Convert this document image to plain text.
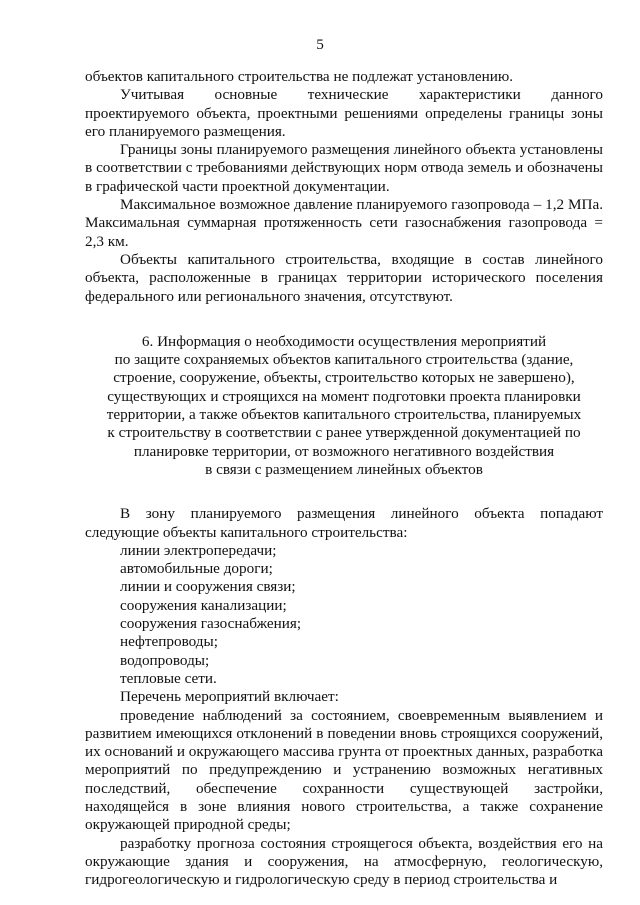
5

объектов капитального строительства не подлежат установлению.

Учитывая основные технические характеристики данного проектируемого объекта, проектными решениями определены границы зоны его планируемого размещения.

Границы зоны планируемого размещения линейного объекта установлены в соответствии с требованиями действующих норм отвода земель и обозначены в графической части проектной документации.

Максимальное возможное давление планируемого газопровода – 1,2 МПа. Максимальная суммарная протяженность сети газоснабжения газопровода = 2,3 км.

Объекты капитального строительства, входящие в состав линейного объекта, расположенные в границах территории исторического поселения федерального или регионального значения, отсутствуют.

6. Информация о необходимости осуществления мероприятий
по защите сохраняемых объектов капитального строительства (здание,
строение, сооружение, объекты, строительство которых не завершено),
существующих и строящихся на момент подготовки проекта планировки
территории, а также объектов капитального строительства, планируемых
к строительству в соответствии с ранее утвержденной документацией по
планировке территории, от возможного негативного воздействия
в связи с размещением линейных объектов

В зону планируемого размещения линейного объекта попадают следующие объекты капитального строительства:

линии электропередачи;

автомобильные дороги;

линии и сооружения связи;

сооружения канализации;

сооружения газоснабжения;

нефтепроводы;

водопроводы;

тепловые сети.

Перечень мероприятий включает:

проведение наблюдений за состоянием, своевременным выявлением и развитием имеющихся отклонений в поведении вновь строящихся сооружений, их оснований и окружающего массива грунта от проектных данных, разработка мероприятий по предупреждению и устранению возможных негативных последствий, обеспечение сохранности существующей застройки, находящейся в зоне влияния нового строительства, а также сохранение окружающей природной среды;

разработку прогноза состояния строящегося объекта, воздействия его на окружающие здания и сооружения, на атмосферную, геологическую, гидрогеологическую и гидрологическую среду в период строительства и
